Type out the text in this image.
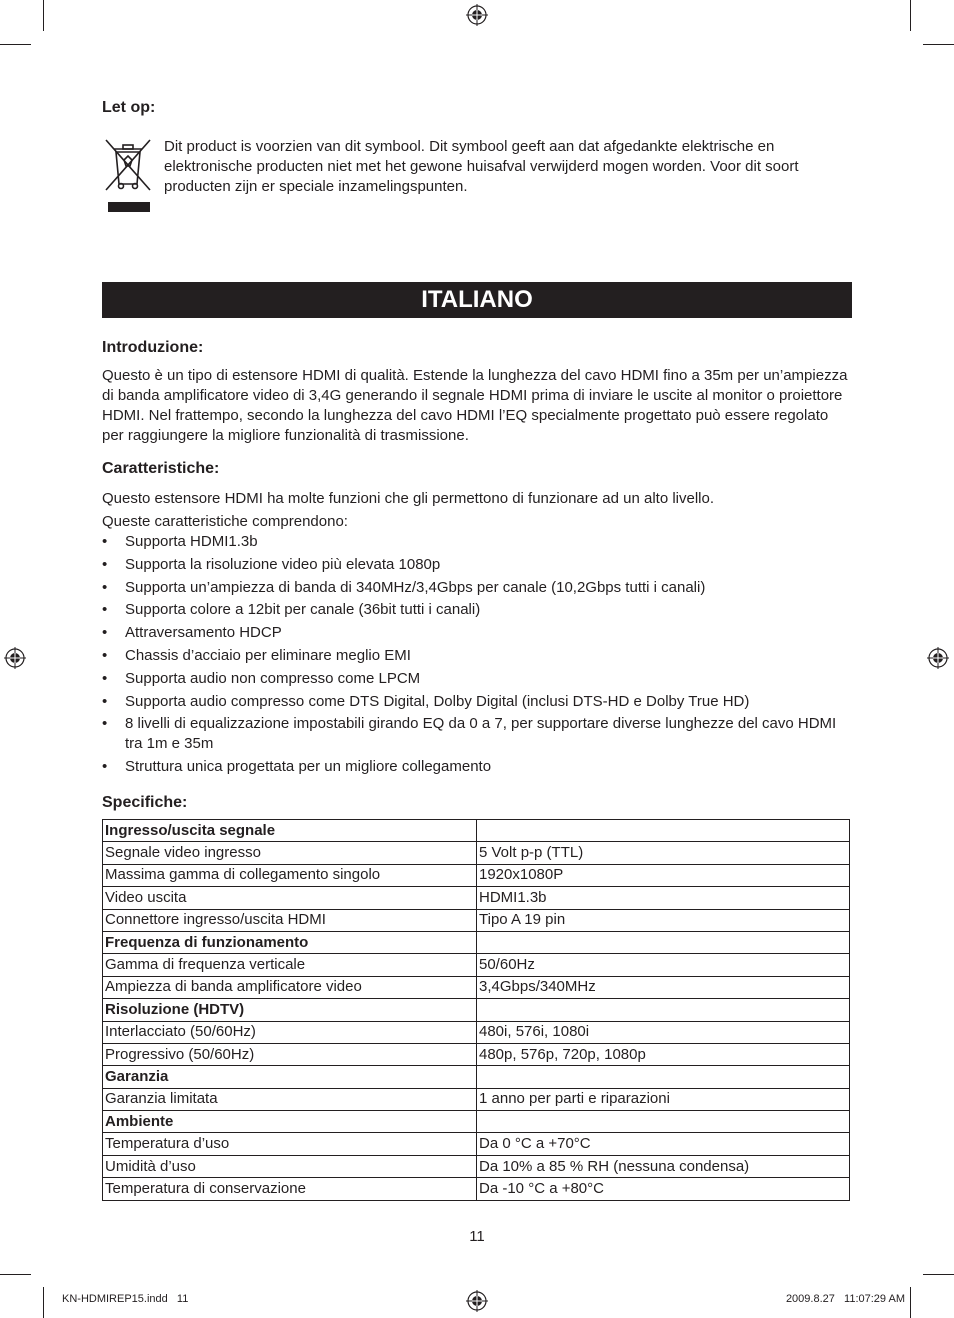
Let op:
Dit product is voorzien van dit symbool. Dit symbool geeft aan dat afgedankte elektrische en elektronische producten niet met het gewone huisafval verwijderd mogen worden. Voor dit soort producten zijn er speciale inzamelingspunten.
ITALIANO
Introduzione:
Questo è un tipo di estensore HDMI di qualità. Estende la lunghezza del cavo HDMI fino a 35m per un’ampiezza di banda amplificatore video di 3,4G generando il segnale HDMI prima di inviare le uscite al monitor o proiettore HDMI. Nel frattempo, secondo la lunghezza del cavo HDMI l’EQ specialmente progettato può essere regolato per raggiungere la migliore funzionalità di trasmissione.
Caratteristiche:
Questo estensore HDMI ha molte funzioni che gli permettono di funzionare ad un alto livello.
Queste caratteristiche comprendono:
• Supporta HDMI1.3b
• Supporta la risoluzione video più elevata 1080p
• Supporta un’ampiezza di banda di 340MHz/3,4Gbps per canale (10,2Gbps tutti i canali)
• Supporta colore a 12bit per canale (36bit tutti i canali)
• Attraversamento HDCP
• Chassis d’acciaio per eliminare meglio EMI
• Supporta audio non compresso come LPCM
• Supporta audio compresso come DTS Digital, Dolby Digital (inclusi DTS-HD e Dolby True HD)
• 8 livelli di equalizzazione impostabili girando EQ da 0 a 7, per supportare diverse lunghezze del cavo HDMI tra 1m e 35m
• Struttura unica progettata per un migliore collegamento
Specifiche:
Ingresso/uscita segnale	
Segnale video ingresso	5 Volt p-p (TTL)
Massima gamma di collegamento singolo	1920x1080P
Video uscita	HDMI1.3b
Connettore ingresso/uscita HDMI	Tipo A 19 pin
Frequenza di funzionamento	
Gamma di frequenza verticale	50/60Hz
Ampiezza di banda amplificatore video	3,4Gbps/340MHz
Risoluzione (HDTV)	
Interlacciato (50/60Hz)	480i, 576i, 1080i
Progressivo (50/60Hz)	480p, 576p, 720p, 1080p
Garanzia	
Garanzia limitata	1 anno per parti e riparazioni
Ambiente	
Temperatura d’uso	Da 0 °C a +70°C
Umidità d’uso	Da 10% a 85 % RH (nessuna condensa)
Temperatura di conservazione	Da -10 °C a +80°C
11
KN-HDMIREP15.indd   11	2009.8.27   11:07:29 AM
